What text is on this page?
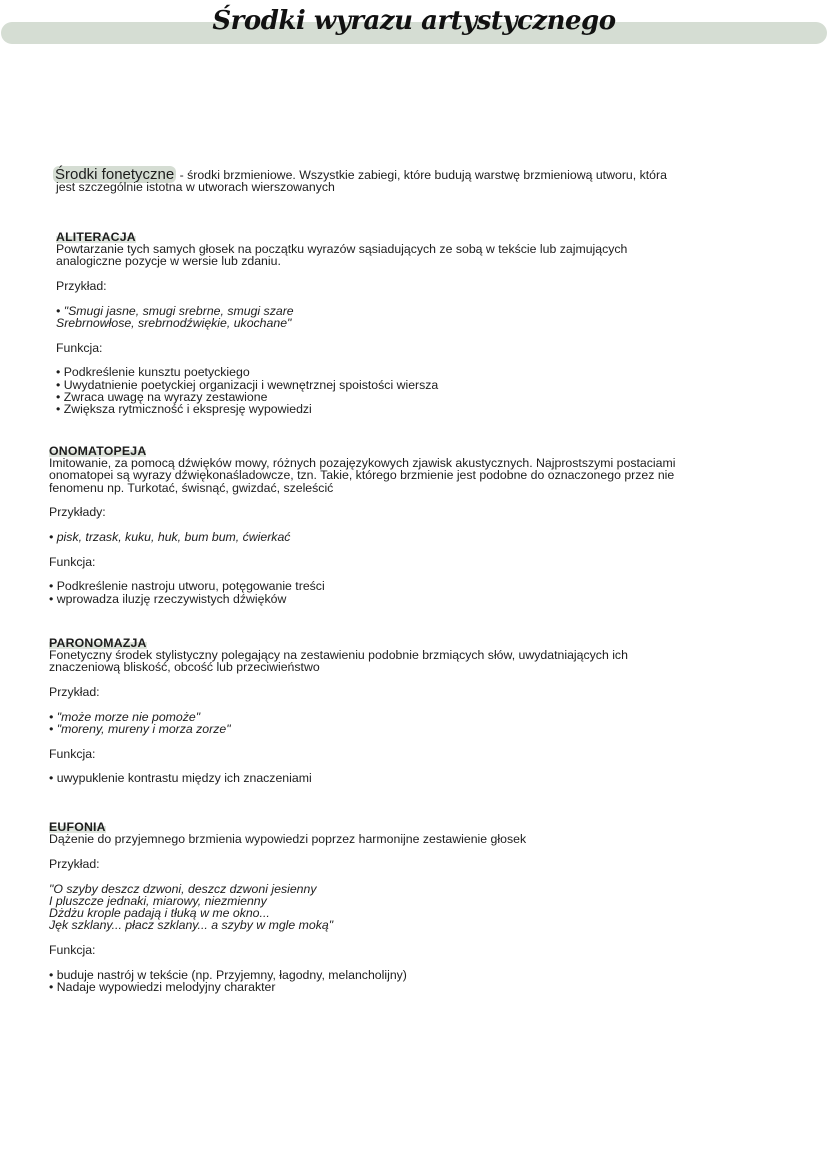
Środki wyrazu artystycznego
Środki fonetyczne - środki brzmieniowe. Wszystkie zabiegi, które budują warstwę brzmieniową utworu, która
jest szczególnie istotna w utworach wierszowanych
ALITERACJA
Powtarzanie tych samych głosek na początku wyrazów sąsiadujących ze sobą w tekście lub zajmujących
analogiczne pozycje w wersie lub zdaniu.
Przykład:
• "Smugi jasne, smugi srebrne, smugi szare
Srebrnowłose, srebrnodźwiękie, ukochane"
Funkcja:
• Podkreślenie kunsztu poetyckiego
• Uwydatnienie poetyckiej organizacji i wewnętrznej spoistości wiersza
• Zwraca uwagę na wyrazy zestawione
• Zwiększa rytmiczność i ekspresję wypowiedzi
ONOMATOPEJA
Imitowanie, za pomocą dźwięków mowy, różnych pozajęzykowych zjawisk akustycznych. Najprostszymi postaciami
onomatopei są wyrazy dźwiękonaśladowcze, tzn. Takie, którego brzmienie jest podobne do oznaczonego przez nie
fenomenu np. Turkotać, świsnąć, gwizdać, szeleścić
Przykłady:
• pisk, trzask, kuku, huk, bum bum, ćwierkać
Funkcja:
• Podkreślenie nastroju utworu, potęgowanie treści
• wprowadza iluzję rzeczywistych dźwięków
PARONOMAZJA
Fonetyczny środek stylistyczny polegający na zestawieniu podobnie brzmiących słów, uwydatniających ich
znaczeniową bliskość, obcość lub przeciwieństwo
Przykład:
• "może morze nie pomoże"
• "moreny, mureny i morza zorze"
Funkcja:
• uwypuklenie kontrastu między ich znaczeniami
EUFONIA
Dążenie do przyjemnego brzmienia wypowiedzi poprzez harmonijne zestawienie głosek
Przykład:
"O szyby deszcz dzwoni, deszcz dzwoni jesienny
I pluszcze jednaki, miarowy, niezmienny
Dżdżu krople padają i tłuką w me okno...
Jęk szklany... płacz szklany... a szyby w mgle moką"
Funkcja:
• buduje nastrój w tekście (np. Przyjemny, łagodny, melancholijny)
• Nadaje wypowiedzi melodyjny charakter
